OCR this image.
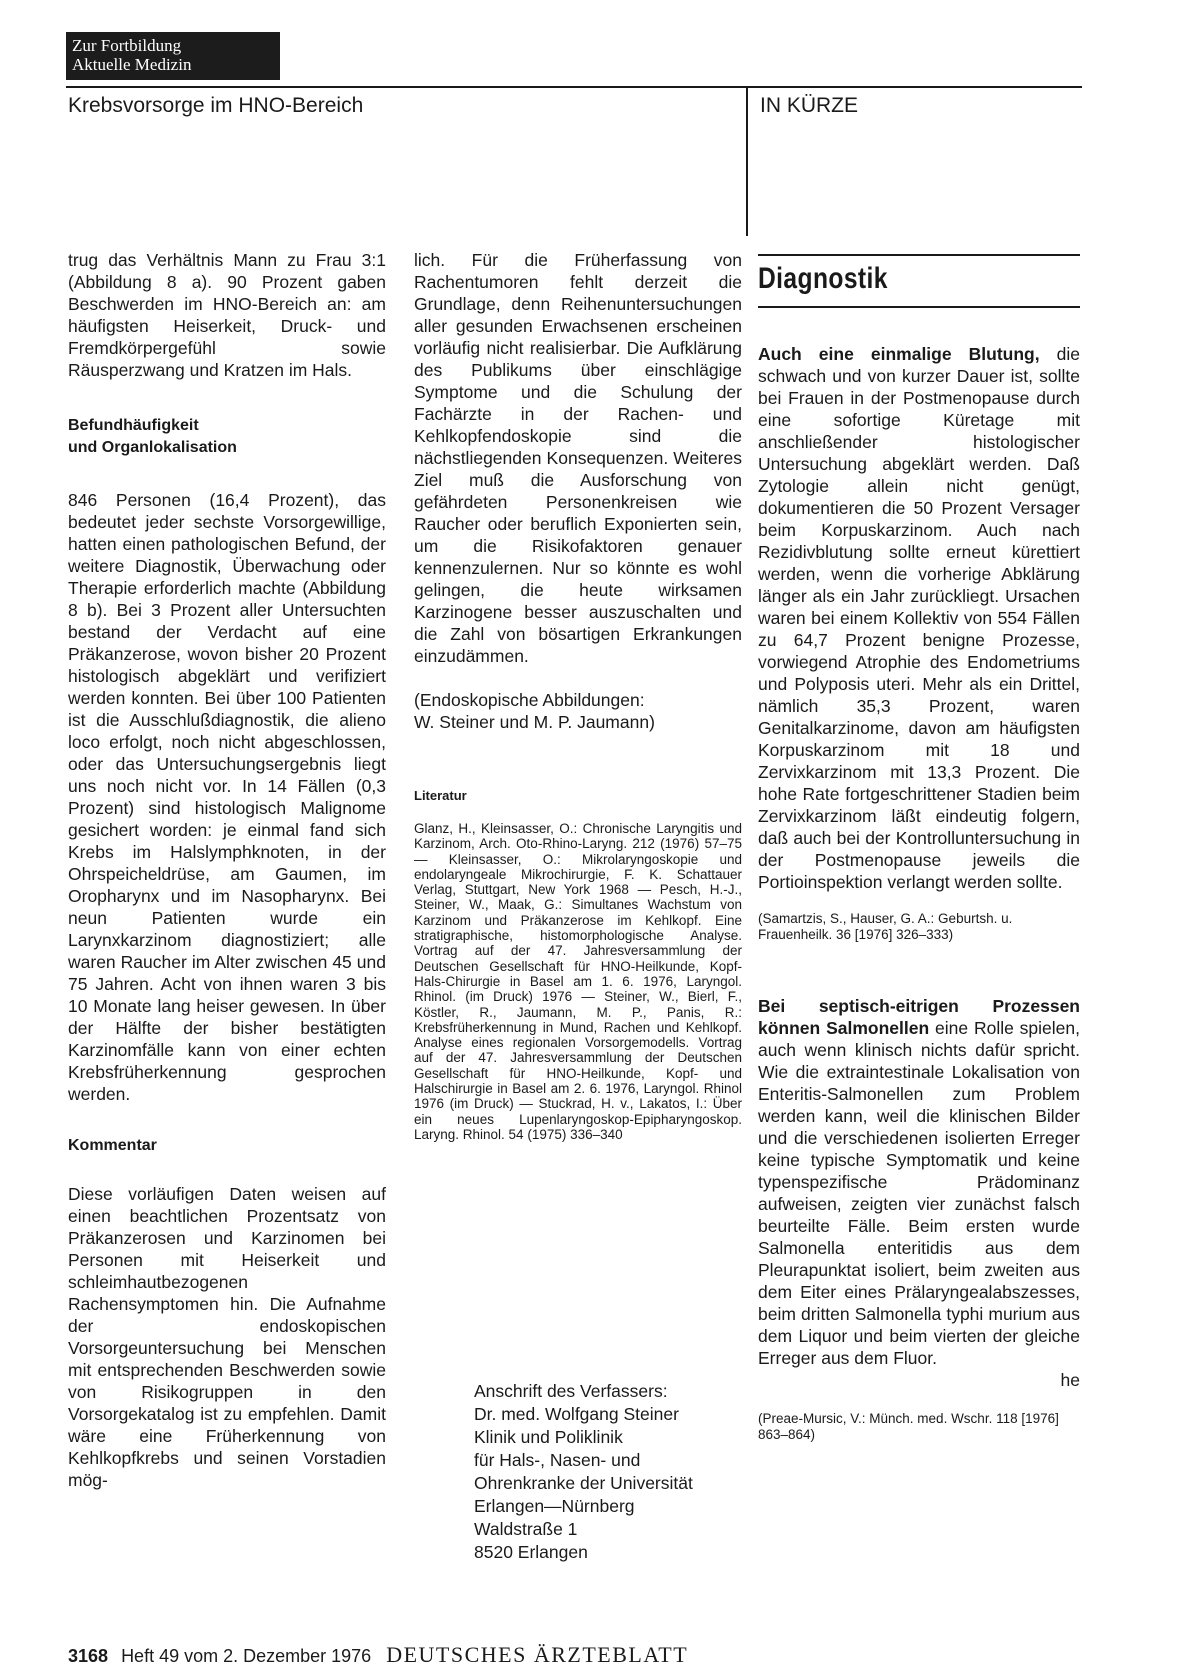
Zur Fortbildung
Aktuelle Medizin
Krebsvorsorge im HNO-Bereich	IN KÜRZE

trug das Verhältnis Mann zu Frau 3:1 (Abbildung 8 a). 90 Prozent gaben Beschwerden im HNO-Bereich an: am häufigsten Heiserkeit, Druck- und Fremdkörpergefühl sowie Räusperzwang und Kratzen im Hals.

Befundhäufigkeit
und Organlokalisation

846 Personen (16,4 Prozent), das bedeutet jeder sechste Vorsorgewillige, hatten einen pathologischen Befund, der weitere Diagnostik, Überwachung oder Therapie erforderlich machte (Abbildung 8 b). Bei 3 Prozent aller Untersuchten bestand der Verdacht auf eine Präkanzerose, wovon bisher 20 Prozent histologisch abgeklärt und verifiziert werden konnten. Bei über 100 Patienten ist die Ausschlußdiagnostik, die alieno loco erfolgt, noch nicht abgeschlossen, oder das Untersuchungsergebnis liegt uns noch nicht vor. In 14 Fällen (0,3 Prozent) sind histologisch Malignome gesichert worden: je einmal fand sich Krebs im Halslymphknoten, in der Ohrspeicheldrüse, am Gaumen, im Oropharynx und im Nasopharynx. Bei neun Patienten wurde ein Larynxkarzinom diagnostiziert; alle waren Raucher im Alter zwischen 45 und 75 Jahren. Acht von ihnen waren 3 bis 10 Monate lang heiser gewesen. In über der Hälfte der bisher bestätigten Karzinomfälle kann von einer echten Krebsfrüherkennung gesprochen werden.

Kommentar

Diese vorläufigen Daten weisen auf einen beachtlichen Prozentsatz von Präkanzerosen und Karzinomen bei Personen mit Heiserkeit und schleimhautbezogenen Rachensymptomen hin. Die Aufnahme der endoskopischen Vorsorgeuntersuchung bei Menschen mit entsprechenden Beschwerden sowie von Risikogruppen in den Vorsorgekatalog ist zu empfehlen. Damit wäre eine Früherkennung von Kehlkopfkrebs und seinen Vorstadien mög-

lich. Für die Früherfassung von Rachentumoren fehlt derzeit die Grundlage, denn Reihenuntersuchungen aller gesunden Erwachsenen erscheinen vorläufig nicht realisierbar. Die Aufklärung des Publikums über einschlägige Symptome und die Schulung der Fachärzte in der Rachen- und Kehlkopfendoskopie sind die nächstliegenden Konsequenzen. Weiteres Ziel muß die Ausforschung von gefährdeten Personenkreisen wie Raucher oder beruflich Exponierten sein, um die Risikofaktoren genauer kennenzulernen. Nur so könnte es wohl gelingen, die heute wirksamen Karzinogene besser auszuschalten und die Zahl von bösartigen Erkrankungen einzudämmen.

(Endoskopische Abbildungen:
W. Steiner und M. P. Jaumann)

Literatur

Glanz, H., Kleinsasser, O.: Chronische Laryngitis und Karzinom, Arch. Oto-Rhino-Laryng. 212 (1976) 57–75 — Kleinsasser, O.: Mikrolaryngoskopie und endolaryngeale Mikrochirurgie, F. K. Schattauer Verlag, Stuttgart, New York 1968 — Pesch, H.-J., Steiner, W., Maak, G.: Simultanes Wachstum von Karzinom und Präkanzerose im Kehlkopf. Eine stratigraphische, histomorphologische Analyse. Vortrag auf der 47. Jahresversammlung der Deutschen Gesellschaft für HNO-Heilkunde, Kopf-Hals-Chirurgie in Basel am 1. 6. 1976, Laryngol. Rhinol. (im Druck) 1976 — Steiner, W., Bierl, F., Köstler, R., Jaumann, M. P., Panis, R.: Krebsfrüherkennung in Mund, Rachen und Kehlkopf. Analyse eines regionalen Vorsorgemodells. Vortrag auf der 47. Jahresversammlung der Deutschen Gesellschaft für HNO-Heilkunde, Kopf- und Halschirurgie in Basel am 2. 6. 1976, Laryngol. Rhinol 1976 (im Druck) — Stuckrad, H. v., Lakatos, I.: Über ein neues Lupenlaryngoskop-Epipharyngoskop. Laryng. Rhinol. 54 (1975) 336–340

Anschrift des Verfassers:
Dr. med. Wolfgang Steiner
Klinik und Poliklinik
für Hals-, Nasen- und
Ohrenkranke der Universität
Erlangen—Nürnberg
Waldstraße 1
8520 Erlangen
Diagnostik

Auch eine einmalige Blutung, die schwach und von kurzer Dauer ist, sollte bei Frauen in der Postmenopause durch eine sofortige Küretage mit anschließender histologischer Untersuchung abgeklärt werden. Daß Zytologie allein nicht genügt, dokumentieren die 50 Prozent Versager beim Korpuskarzinom. Auch nach Rezidivblutung sollte erneut kürettiert werden, wenn die vorherige Abklärung länger als ein Jahr zurückliegt. Ursachen waren bei einem Kollektiv von 554 Fällen zu 64,7 Prozent benigne Prozesse, vorwiegend Atrophie des Endometriums und Polyposis uteri. Mehr als ein Drittel, nämlich 35,3 Prozent, waren Genitalkarzinome, davon am häufigsten Korpuskarzinom mit 18 und Zervixkarzinom mit 13,3 Prozent. Die hohe Rate fortgeschrittener Stadien beim Zervixkarzinom läßt eindeutig folgern, daß auch bei der Kontrolluntersuchung in der Postmenopause jeweils die Portioinspektion verlangt werden sollte.

(Samartzis, S., Hauser, G. A.: Geburtsh. u. Frauenheilk. 36 [1976] 326–333)

Bei septisch-eitrigen Prozessen können Salmonellen eine Rolle spielen, auch wenn klinisch nichts dafür spricht. Wie die extraintestinale Lokalisation von Enteritis-Salmonellen zum Problem werden kann, weil die klinischen Bilder und die verschiedenen isolierten Erreger keine typische Symptomatik und keine typenspezifische Prädominanz aufweisen, zeigten vier zunächst falsch beurteilte Fälle. Beim ersten wurde Salmonella enteritidis aus dem Pleurapunktat isoliert, beim zweiten aus dem Eiter eines Prälaryngealabszesses, beim dritten Salmonella typhi murium aus dem Liquor und beim vierten der gleiche Erreger aus dem Fluor.

he

(Preae-Mursic, V.: Münch. med. Wschr. 118 [1976] 863–864)

3168 Heft 49 vom 2. Dezember 1976 DEUTSCHES ÄRZTEBLATT
